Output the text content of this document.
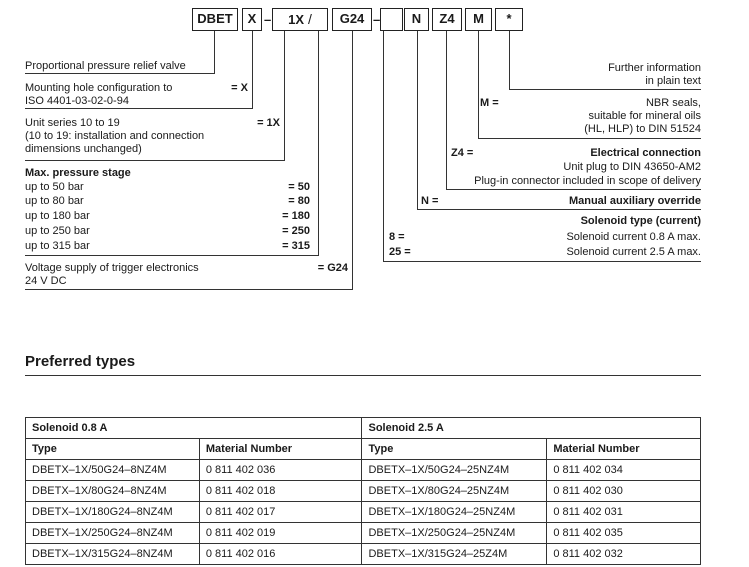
DBET	X –	1X /	G24 –	N	Z4	M	*
Proportional pressure relief valve
Mounting hole configuration to
ISO 4401-03-02-0-94
= X
Unit series 10 to 19
(10 to 19: installation and connection
dimensions unchanged)
= 1X
Max. pressure stage
up to 50 bar	= 50
up to 80 bar	= 80
up to 180 bar	= 180
up to 250 bar	= 250
up to 315 bar	= 315
Voltage supply of trigger electronics
24 V DC
= G24
Further information
in plain text
M =	NBR seals,
suitable for mineral oils
(HL, HLP) to DIN 51524
Z4 =	Electrical connection
Unit plug to DIN 43650-AM2
Plug-in connector included in scope of delivery
N =	Manual auxiliary override
Solenoid type (current)
8 =	Solenoid current 0.8 A max.
25 =	Solenoid current 2.5 A max.
Preferred types
Solenoid 0.8 A		Solenoid 2.5 A	
Type	Material Number	Type	Material Number
DBETX–1X/50G24–8NZ4M	0 811 402 036	DBETX–1X/50G24–25NZ4M	0 811 402 034
DBETX–1X/80G24–8NZ4M	0 811 402 018	DBETX–1X/80G24–25NZ4M	0 811 402 030
DBETX–1X/180G24–8NZ4M	0 811 402 017	DBETX–1X/180G24–25NZ4M	0 811 402 031
DBETX–1X/250G24–8NZ4M	0 811 402 019	DBETX–1X/250G24–25NZ4M	0 811 402 035
DBETX–1X/315G24–8NZ4M	0 811 402 016	DBETX–1X/315G24–25Z4M	0 811 402 032
